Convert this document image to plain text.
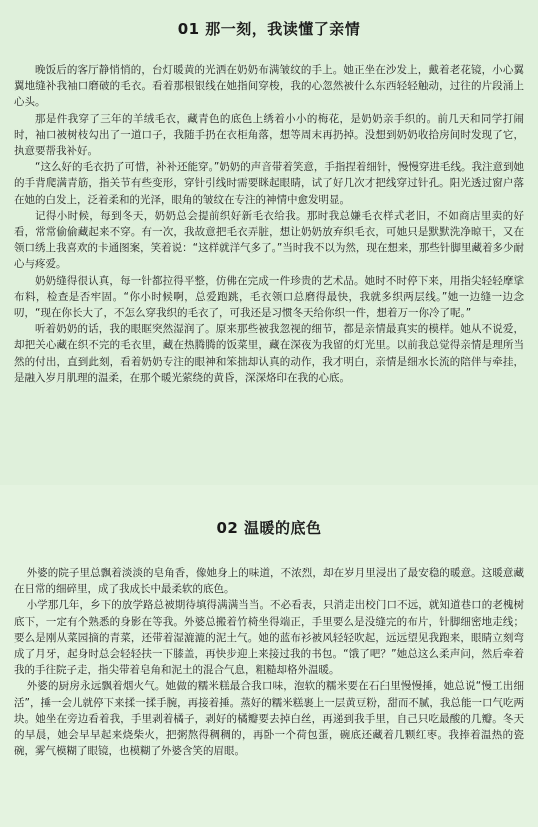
01 那一刻，我读懂了亲情

晚饭后的客厅静悄悄的，台灯暖黄的光洒在奶奶布满皱纹的手上。她正坐在沙发上，戴着老花镜，小心翼翼地缝补我袖口磨破的毛衣。看着那根银线在她指间穿梭，我的心忽然被什么东西轻轻触动，过往的片段涌上心头。

那是件我穿了三年的羊绒毛衣，藏青色的底色上绣着小小的梅花，是奶奶亲手织的。前几天和同学打闹时，袖口被树枝勾出了一道口子，我随手扔在衣柜角落，想等周末再扔掉。没想到奶奶收拾房间时发现了它，执意要帮我补好。

“这么好的毛衣扔了可惜，补补还能穿。”奶奶的声音带着笑意，手指捏着细针，慢慢穿进毛线。我注意到她的手背爬满青筋，指关节有些变形，穿针引线时需要眯起眼睛，试了好几次才把线穿过针孔。阳光透过窗户落在她的白发上，泛着柔和的光泽，眼角的皱纹在专注的神情中愈发明显。

记得小时候，每到冬天，奶奶总会提前织好新毛衣给我。那时我总嫌毛衣样式老旧，不如商店里卖的好看，常常偷偷藏起来不穿。有一次，我故意把毛衣弄脏，想让奶奶放弃织毛衣，可她只是默默洗净晾干，又在领口绣上我喜欢的卡通图案，笑着说：“这样就洋气多了。”当时我不以为然，现在想来，那些针脚里藏着多少耐心与疼爱。

奶奶缝得很认真，每一针都拉得平整，仿佛在完成一件珍贵的艺术品。她时不时停下来，用指尖轻轻摩挲布料，检查是否牢固。“你小时候啊，总爱跑跳，毛衣领口总磨得最快，我就多织两层线。”她一边缝一边念叨，“现在你长大了，不怎么穿我织的毛衣了，可我还是习惯冬天给你织一件，想着万一你冷了呢。”

听着奶奶的话，我的眼眶突然湿润了。原来那些被我忽视的细节，都是亲情最真实的模样。她从不说爱，却把关心藏在织不完的毛衣里，藏在热腾腾的饭菜里，藏在深夜为我留的灯光里。以前我总觉得亲情是理所当然的付出，直到此刻，看着奶奶专注的眼神和笨拙却认真的动作，我才明白，亲情是细水长流的陪伴与牵挂，是融入岁月肌理的温柔，在那个暖光萦绕的黄昏，深深烙印在我的心底。

02 温暖的底色

外婆的院子里总飘着淡淡的皂角香，像她身上的味道，不浓烈，却在岁月里浸出了最安稳的暖意。这暖意藏在日常的细碎里，成了我成长中最柔软的底色。

小学那几年，乡下的放学路总被期待填得满满当当。不必看表，只消走出校门口不远，就知道巷口的老槐树底下，一定有个熟悉的身影在等我。外婆总搬着竹椅坐得端正，手里要么是没缝完的布片，针脚细密地走线；要么是刚从菜园摘的青菜，还带着湿漉漉的泥土气。她的蓝布衫被风轻轻吹起，远远望见我跑来，眼睛立刻弯成了月牙，起身时总会轻轻扶一下膝盖，再快步迎上来接过我的书包。“饿了吧？”她总这么柔声问，然后牵着我的手往院子走，指尖带着皂角和泥土的混合气息，粗糙却格外温暖。

外婆的厨房永远飘着烟火气。她做的糯米糕最合我口味，泡软的糯米要在石臼里慢慢捶，她总说“慢工出细活”，捶一会儿就停下来揉一揉手腕，再接着捶。蒸好的糯米糕裹上一层黄豆粉，甜而不腻，我总能一口气吃两块。她坐在旁边看着我，手里剥着橘子，剥好的橘瓣要去掉白丝，再递到我手里，自己只吃最酸的几瓣。冬天的早晨，她会早早起来烧柴火，把粥熬得稠稠的，再卧一个荷包蛋，碗底还藏着几颗红枣。我捧着温热的瓷碗，雾气模糊了眼镜，也模糊了外婆含笑的眉眼。
